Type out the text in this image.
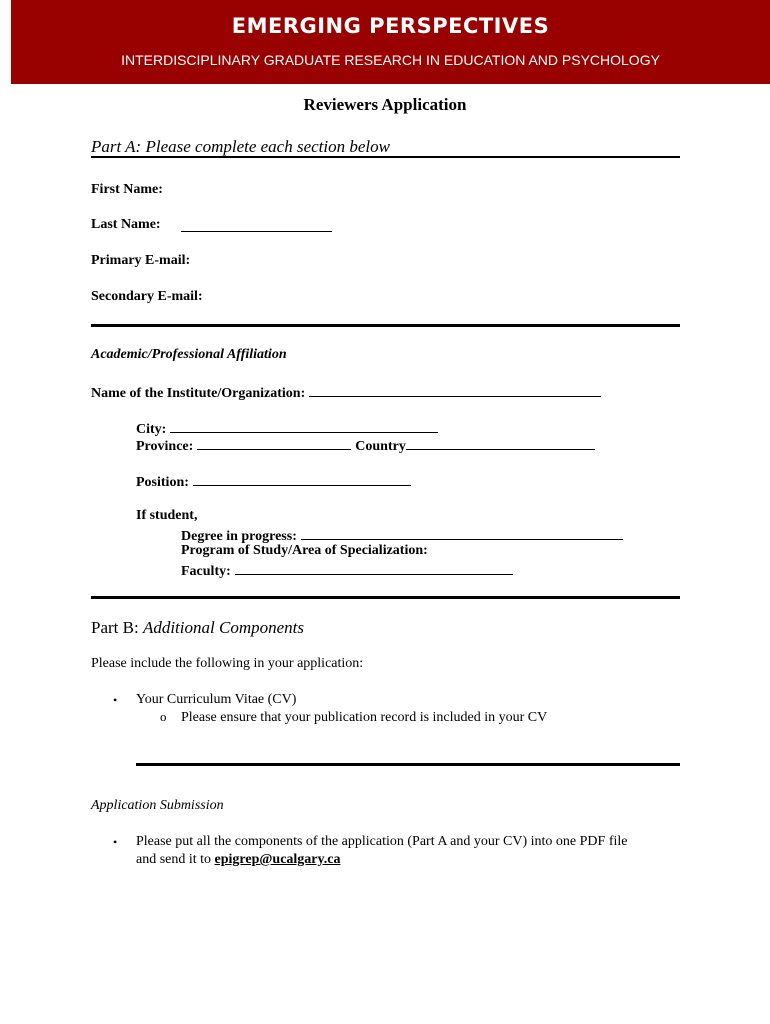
EMERGING PERSPECTIVES
INTERDISCIPLINARY GRADUATE RESEARCH IN EDUCATION AND PSYCHOLOGY
Reviewers Application
Part A: Please complete each section below
First Name:
Last Name:
Primary E-mail:
Secondary E-mail:
Academic/Professional Affiliation
Name of the Institute/Organization:
City:
Province:	Country
Position:
If student,
Degree in progress:
Program of Study/Area of Specialization:
Faculty:
Part B: Additional Components
Please include the following in your application:
• Your Curriculum Vitae (CV)
o Please ensure that your publication record is included in your CV
Application Submission
• Please put all the components of the application (Part A and your CV) into one PDF file
and send it to epigrep@ucalgary.ca
